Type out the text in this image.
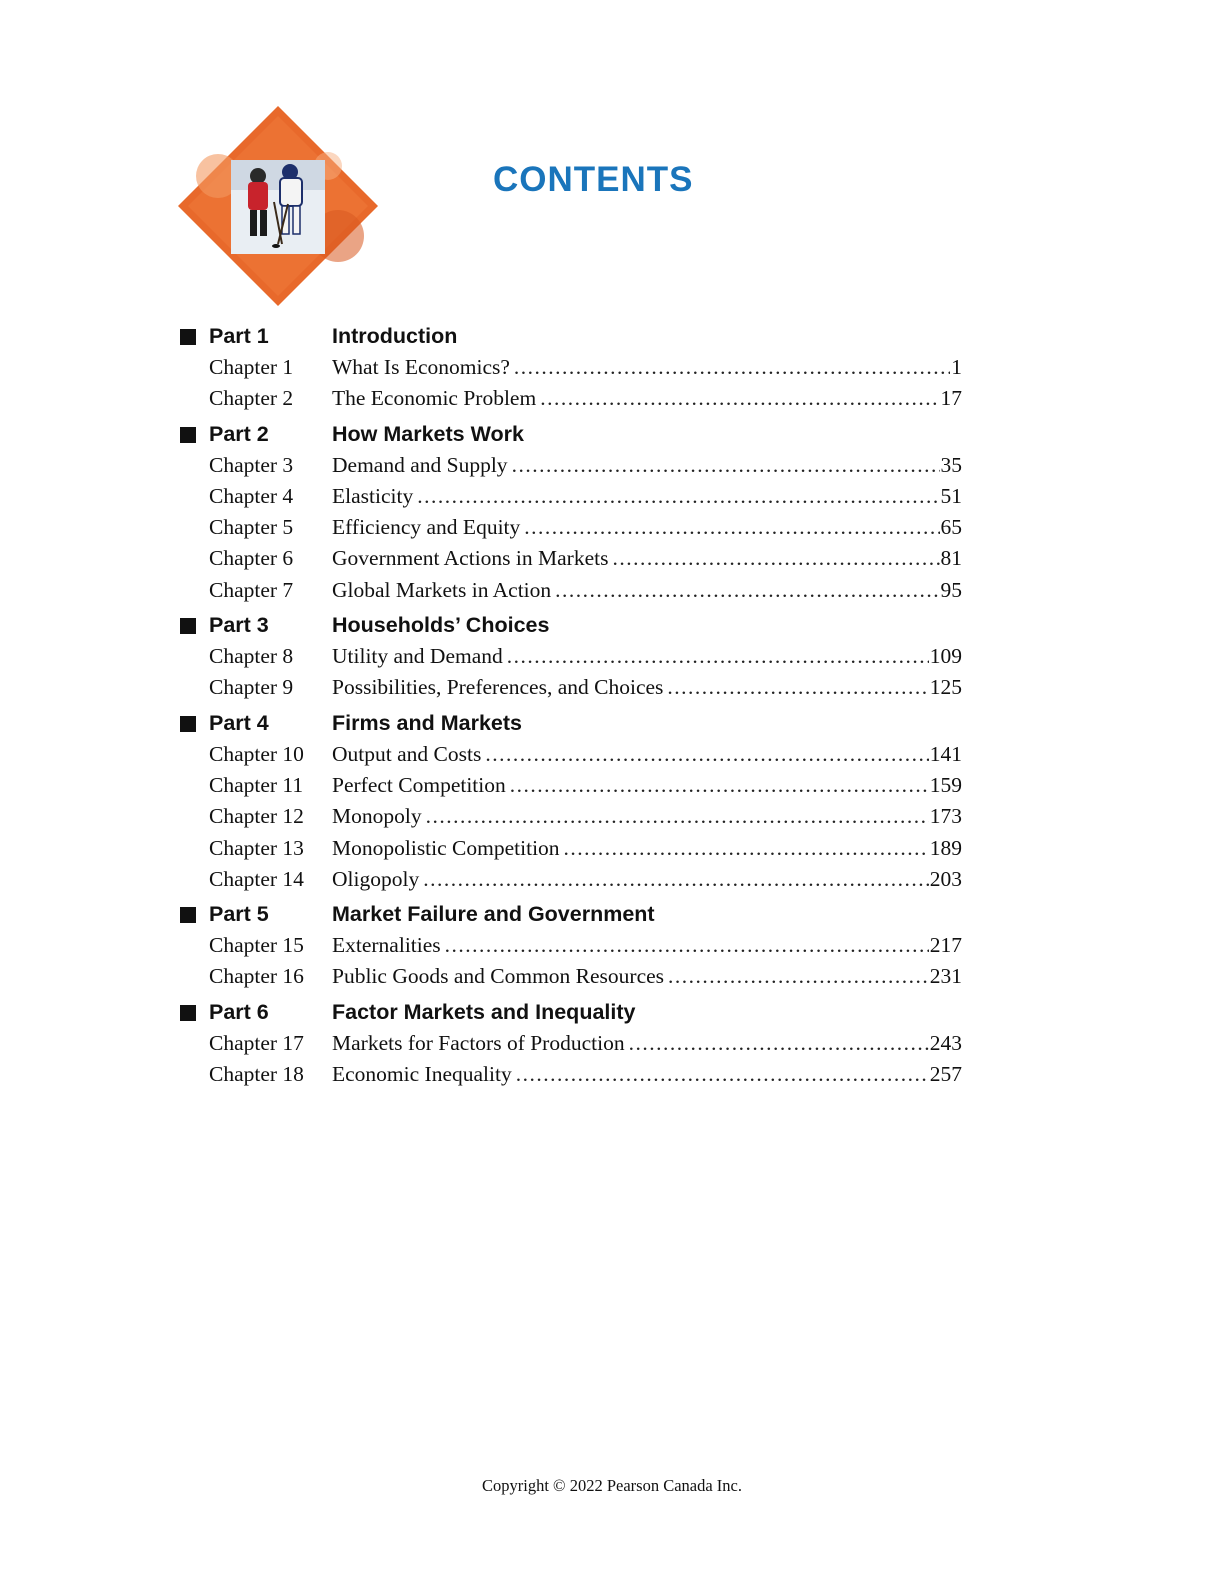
CONTENTS
Part 1	Introduction
Chapter 1 What Is Economics? .....	1
Chapter 2 The Economic Problem .....	17
Part 2	How Markets Work
Chapter 3 Demand and Supply .....	35
Chapter 4 Elasticity .....	51
Chapter 5 Efficiency and Equity .....	65
Chapter 6 Government Actions in Markets .....	81
Chapter 7 Global Markets in Action .....	95
Part 3	Households’ Choices
Chapter 8 Utility and Demand .....	109
Chapter 9 Possibilities, Preferences, and Choices .....	125
Part 4	Firms and Markets
Chapter 10 Output and Costs .....	141
Chapter 11 Perfect Competition .....	159
Chapter 12 Monopoly .....	173
Chapter 13 Monopolistic Competition .....	189
Chapter 14 Oligopoly .....	203
Part 5	Market Failure and Government
Chapter 15 Externalities .....	217
Chapter 16 Public Goods and Common Resources .....	231
Part 6	Factor Markets and Inequality
Chapter 17 Markets for Factors of Production .....	243
Chapter 18 Economic Inequality .....	257
Copyright © 2022 Pearson Canada Inc.
